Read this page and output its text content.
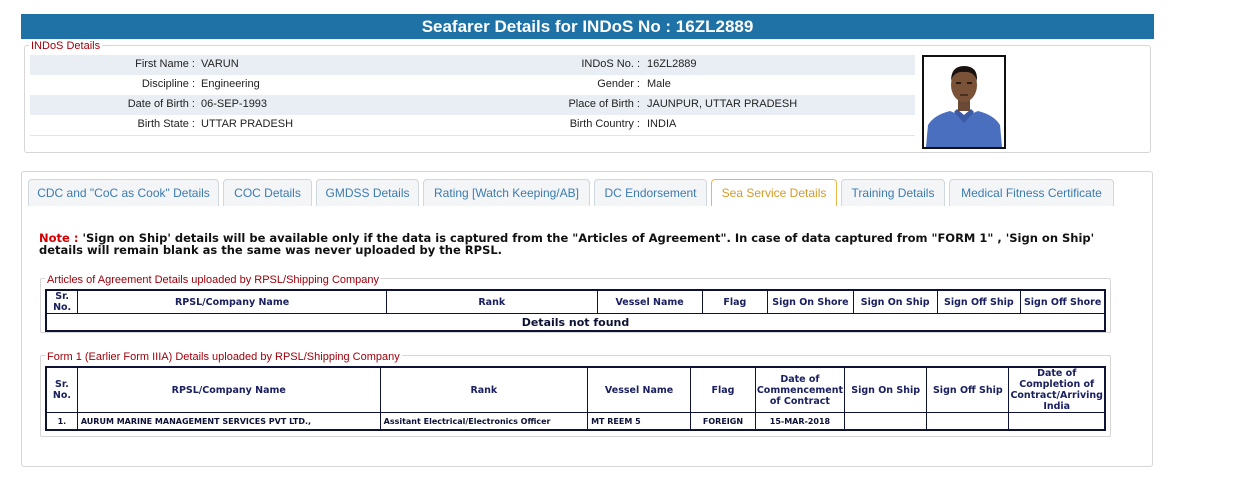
Seafarer Details for INDoS No : 16ZL2889
INDoS Details
First Name : VARUN	INDoS No. : 16ZL2889
Discipline : Engineering	Gender : Male
Date of Birth : 06-SEP-1993	Place of Birth : JAUNPUR, UTTAR PRADESH
Birth State : UTTAR PRADESH	Birth Country : INDIA
CDC and "CoC as Cook" Details	COC Details	GMDSS Details	Rating [Watch Keeping/AB]	DC Endorsement	Sea Service Details	Training Details	Medical Fitness Certificate
Note : 'Sign on Ship' details will be available only if the data is captured from the "Articles of Agreement". In case of data captured from "FORM 1" , 'Sign on Ship' details will remain blank as the same was never uploaded by the RPSL.
Articles of Agreement Details uploaded by RPSL/Shipping Company
Sr. No.	RPSL/Company Name	Rank	Vessel Name	Flag	Sign On Shore	Sign On Ship	Sign Off Ship	Sign Off Shore
Details not found
Form 1 (Earlier Form IIIA) Details uploaded by RPSL/Shipping Company
Sr. No.	RPSL/Company Name	Rank	Vessel Name	Flag	Date of Commencement of Contract	Sign On Ship	Sign Off Ship	Date of Completion of Contract/Arriving India
1.	AURUM MARINE MANAGEMENT SERVICES PVT LTD.,	Assitant Electrical/Electronics Officer	MT REEM 5	FOREIGN	15-MAR-2018			
